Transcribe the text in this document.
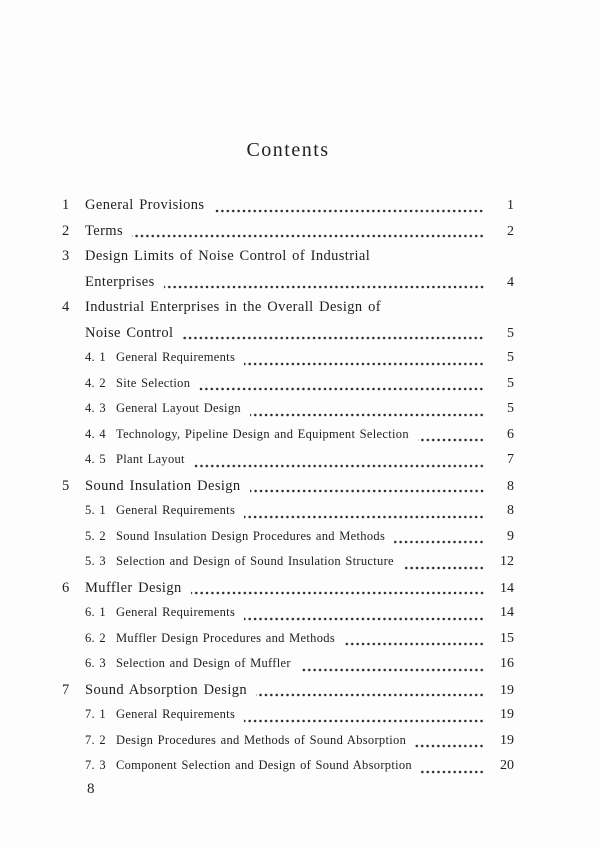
Contents
1	General Provisions	1
2	Terms	2
3	Design Limits of Noise Control of Industrial
Enterprises	4
4	Industrial Enterprises in the Overall Design of
Noise Control	5
4. 1 General Requirements	5
4. 2 Site Selection	5
4. 3 General Layout Design	5
4. 4 Technology, Pipeline Design and Equipment Selection	6
4. 5 Plant Layout	7
5	Sound Insulation Design	8
5. 1 General Requirements	8
5. 2 Sound Insulation Design Procedures and Methods	9
5. 3 Selection and Design of Sound Insulation Structure	12
6	Muffler Design	14
6. 1 General Requirements	14
6. 2 Muffler Design Procedures and Methods	15
6. 3 Selection and Design of Muffler	16
7	Sound Absorption Design	19
7. 1 General Requirements	19
7. 2 Design Procedures and Methods of Sound Absorption	19
7. 3 Component Selection and Design of Sound Absorption	20
8
